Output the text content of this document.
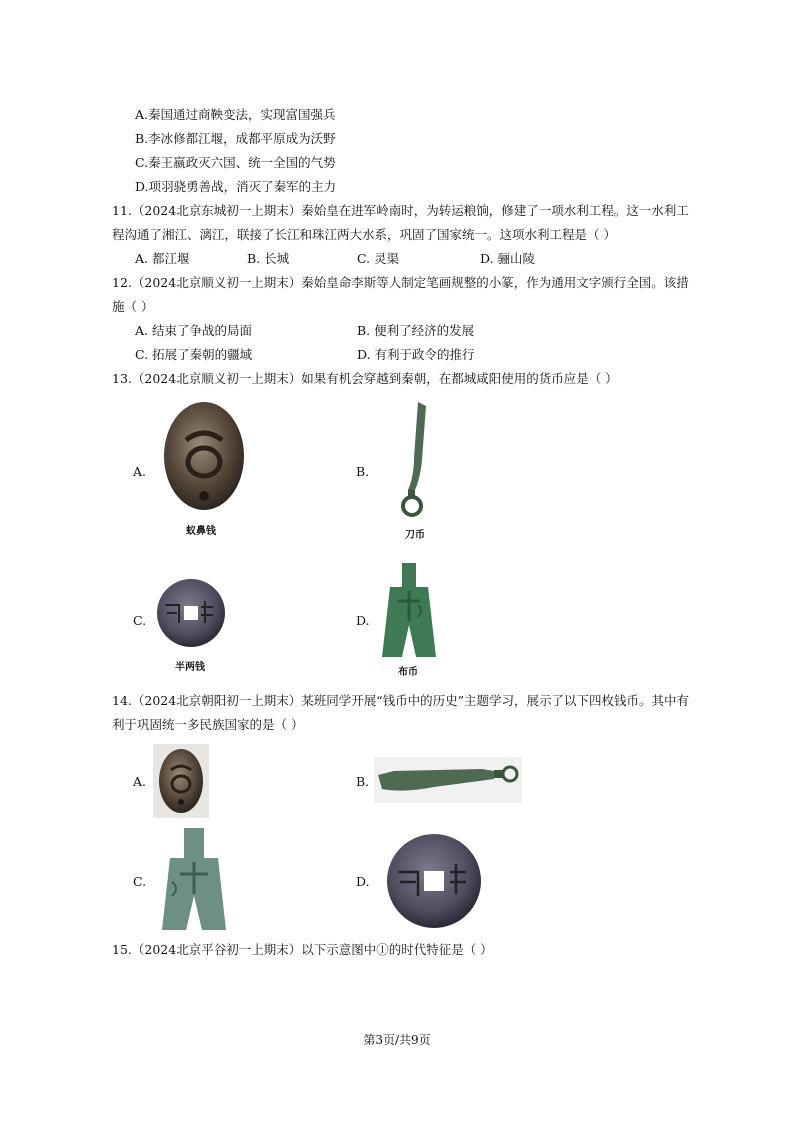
A.秦国通过商鞅变法，实现富国强兵
B.李冰修都江堰，成都平原成为沃野
C.秦王嬴政灭六国、统一全国的气势
D.项羽骁勇善战，消灭了秦军的主力
11.（2024北京东城初一上期末）秦始皇在进军岭南时，为转运粮饷，修建了一项水利工程。这一水利工
程沟通了湘江、漓江，联接了长江和珠江两大水系，巩固了国家统一。这项水利工程是（ ）
A. 都江堰	B. 长城	C. 灵渠	D. 骊山陵
12.（2024北京顺义初一上期末）秦始皇命李斯等人制定笔画规整的小篆，作为通用文字颁行全国。该措
施（ ）
A. 结束了争战的局面	B. 便利了经济的发展
C. 拓展了秦朝的疆域	D. 有利于政令的推行
13.（2024北京顺义初一上期末）如果有机会穿越到秦朝，在都城咸阳使用的货币应是（ ）
A.
蚁鼻钱
B.
刀币
C.
半两钱
D.
布币
14.（2024北京朝阳初一上期末）某班同学开展“钱币中的历史”主题学习，展示了以下四枚钱币。其中有
利于巩固统一多民族国家的是（ ）
A.	B.
C.	D.
15.（2024北京平谷初一上期末）以下示意图中①的时代特征是（ ）
第3页/共9页
